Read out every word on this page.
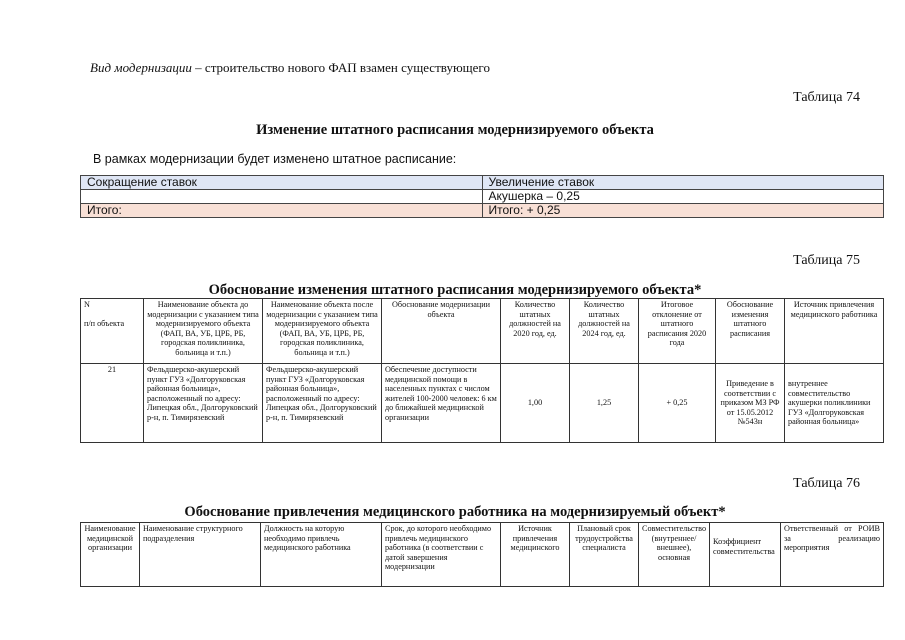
Вид модернизации – строительство нового ФАП взамен существующего
Таблица 74
Изменение штатного расписания модернизируемого объекта
В рамках модернизации будет изменено штатное расписание:
Сокращение ставок	Увеличение ставок
	Акушерка – 0,25
Итого:	Итого: + 0,25
Таблица 75
Обоснование изменения штатного расписания модернизируемого объекта*
N

п/п объекта	Наименование объекта до модернизации с указанием типа модернизируемого объекта (ФАП, ВА, УБ, ЦРБ, РБ, городская поликлиника, больница и т.п.)	Наименование объекта после модернизации с указанием типа модернизируемого объекта (ФАП, ВА, УБ, ЦРБ, РБ, городская поликлиника, больница и т.п.)	Обоснование модернизации объекта	Количество штатных должностей на 2020 год, ед.	Количество штатных должностей на 2024 год, ед.	Итоговое отклонение от штатного расписания 2020 года	Обоснование изменения штатного расписания	Источник привлечения медицинского работника
21	Фельдшерско-акушерский пункт ГУЗ «Долгоруковская районная больница», расположенный по адресу: Липецкая обл., Долгоруковский р-н, п. Тимирязевский	Фельдшерско-акушерский пункт ГУЗ «Долгоруковская районная больница», расположенный по адресу: Липецкая обл., Долгоруковский р-н, п. Тимирязевский	Обеспечение доступности медицинской помощи в населенных пунктах с числом жителей 100-2000 человек: 6 км до ближайшей медицинской организации	1,00	1,25	+ 0,25	Приведение в соответствии с приказом МЗ РФ от 15.05.2012 №543н	внутреннее совместительство акушерки поликлиники ГУЗ «Долгоруковская районная больница»
Таблица 76
Обоснование привлечения медицинского работника на модернизируемый объект*
Наименование медицинской организации	Наименование структурного подразделения	Должность на которую необходимо привлечь медицинского работника	Срок, до которого необходимо привлечь медицинского работника (в соответствии с датой завершения модернизации	Источник привлечения медицинского	Плановый срок трудоустройства специалиста	Совместительство (внутреннее/внешнее), основная	Коэффициент совместительства	Ответственный от РОИВ за реализацию мероприятия
